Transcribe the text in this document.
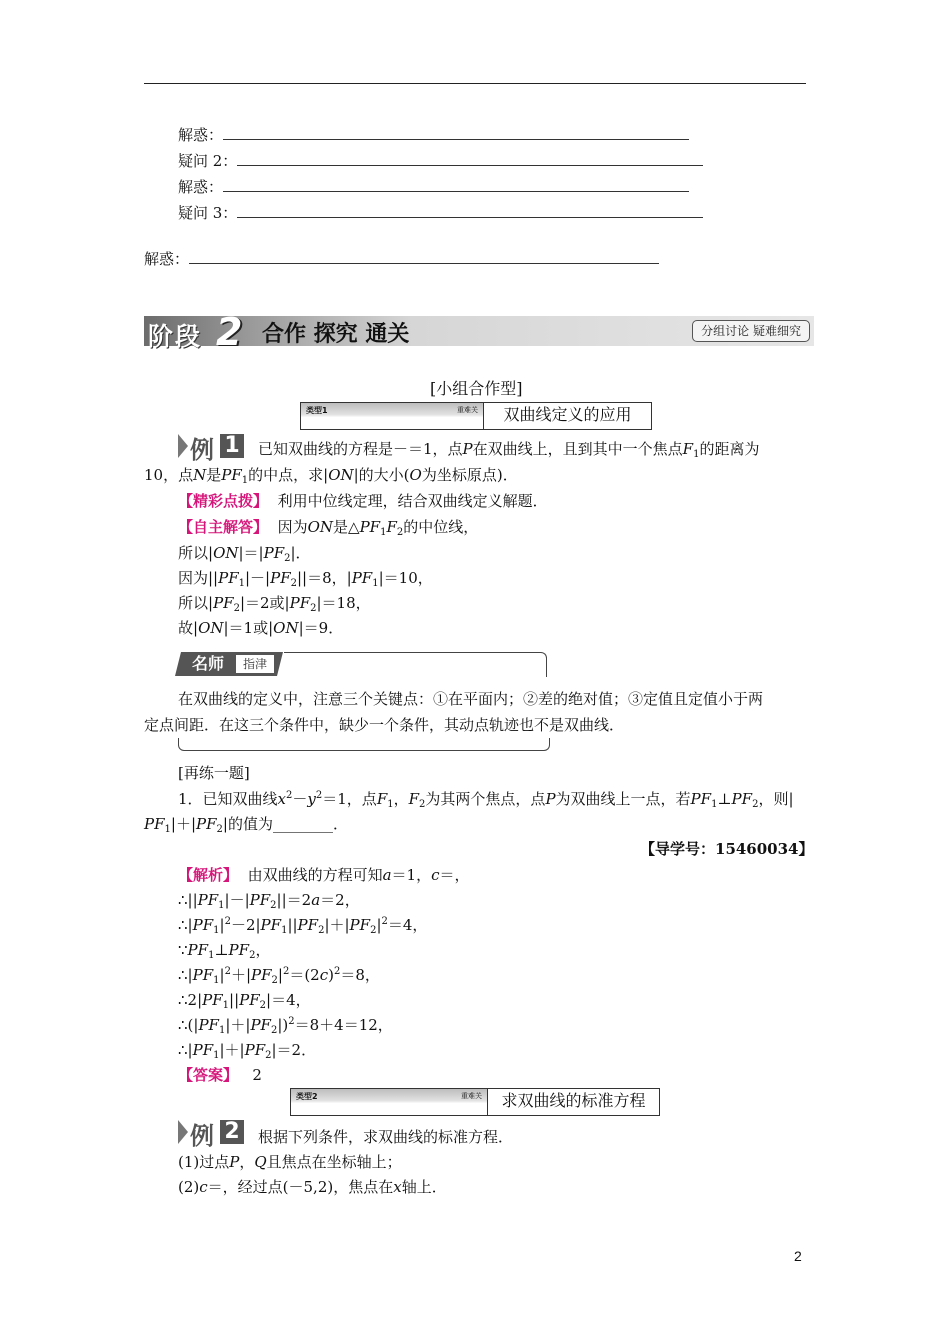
解惑：
疑问 2：
解惑：
疑问 3：
解惑：
阶段 2 合作 探究 通关	分组讨论 疑难细究
[小组合作型]
类型1	重难关	双曲线定义的应用
例 1 已知双曲线的方程是－＝1，点P在双曲线上，且到其中一个焦点$F_1$的距离为
10，点N是$PF_1$的中点，求|ON|的大小(O为坐标原点)．
【精彩点拨】 利用中位线定理，结合双曲线定义解题．
【自主解答】 因为ON是$\triangle PF_1F_2$的中位线，
所以$|ON|=|PF_2|$．
因为$||PF_1|-|PF_2||=8$，$|PF_1|=10$，
所以$|PF_2|=2$或$|PF_2|=18$，
故|ON|＝1或|ON|＝9．
名师	指津
在双曲线的定义中，注意三个关键点：①在平面内；②差的绝对值；③定值且定值小于两
定点间距．在这三个条件中，缺少一个条件，其动点轨迹也不是双曲线．
[再练一题]
1．已知双曲线$x^2-y^2=1$，点$F_1$，$F_2$为其两个焦点，点P为双曲线上一点，若$PF_1\perp PF_2$，则|
$PF_1|+|PF_2|$的值为________．
【导学号：15460034】
【解析】 由双曲线的方程可知a＝1，c＝，
$\therefore||PF_1|-|PF_2||=2a=2$，
$\therefore|PF_1|^2-2|PF_1||PF_2|+|PF_2|^2=4$，
$\because PF_1\perp PF_2$，
$\therefore|PF_1|^2+|PF_2|^2=(2c)^2=8$，
$\therefore 2|PF_1||PF_2|=4$，
$\therefore(|PF_1|+|PF_2|)^2=8+4=12$，
$\therefore|PF_1|+|PF_2|=2$．
【答案】 2
类型2	重难关	求双曲线的标准方程
例 2 根据下列条件，求双曲线的标准方程．
(1)过点P，Q且焦点在坐标轴上；
(2)c＝，经过点(－5,2)，焦点在x轴上．
2
